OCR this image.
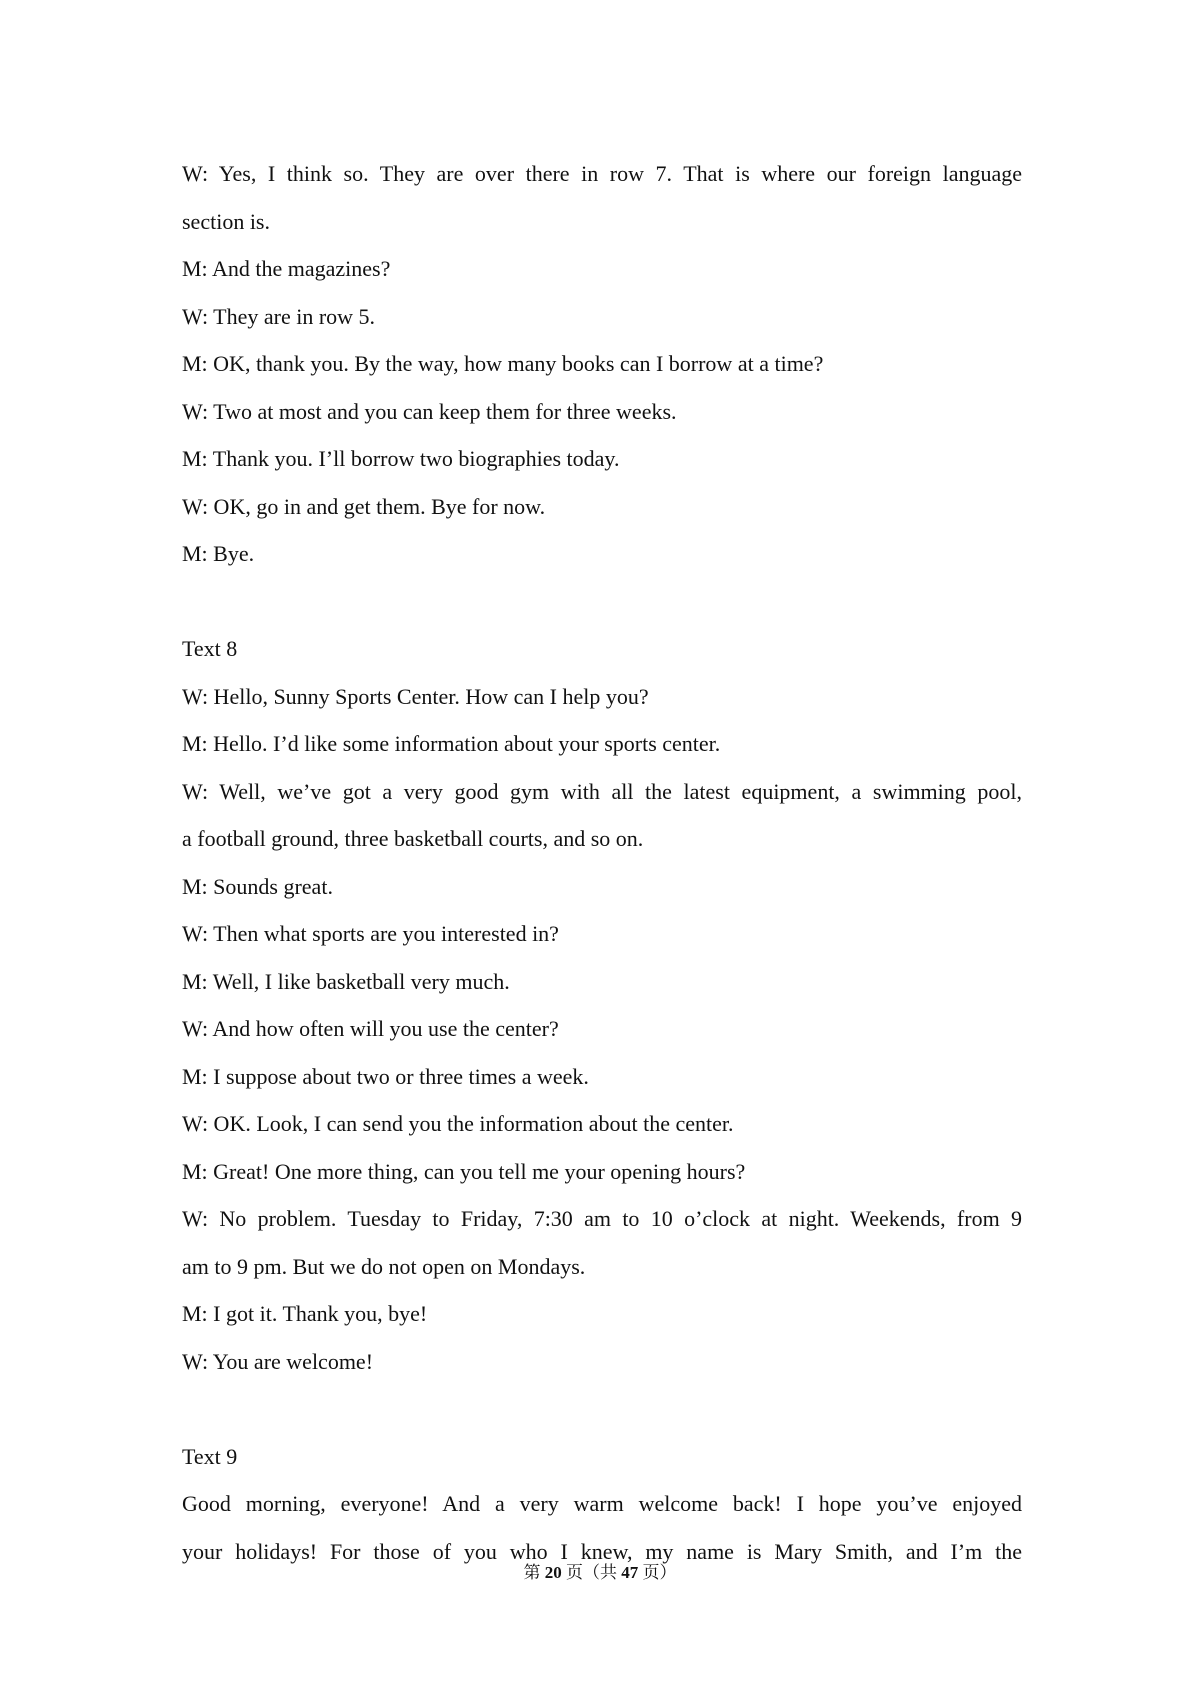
W: Yes, I think so. They are over there in row 7. That is where our foreign language
section is.
M: And the magazines?
W: They are in row 5.
M: OK, thank you. By the way, how many books can I borrow at a time?
W: Two at most and you can keep them for three weeks.
M: Thank you. I’ll borrow two biographies today.
W: OK, go in and get them. Bye for now.
M: Bye.
Text 8
W: Hello, Sunny Sports Center. How can I help you?
M: Hello. I’d like some information about your sports center.
W: Well, we’ve got a very good gym with all the latest equipment, a swimming pool,
a football ground, three basketball courts, and so on.
M: Sounds great.
W: Then what sports are you interested in?
M: Well, I like basketball very much.
W: And how often will you use the center?
M: I suppose about two or three times a week.
W: OK. Look, I can send you the information about the center.
M: Great! One more thing, can you tell me your opening hours?
W: No problem. Tuesday to Friday, 7:30 am to 10 o’clock at night. Weekends, from 9
am to 9 pm. But we do not open on Mondays.
M: I got it. Thank you, bye!
W: You are welcome!
Text 9
Good morning, everyone! And a very warm welcome back! I hope you’ve enjoyed
your holidays! For those of you who I knew, my name is Mary Smith, and I’m the
第 20 页（共 47 页）
